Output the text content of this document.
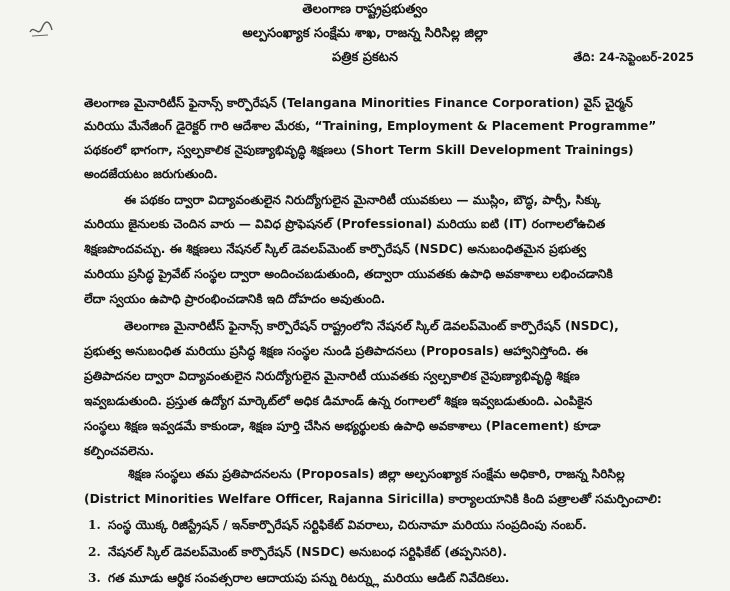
తెలంగాణ రాష్ట్రప్రభుత్వం
అల్పసంఖ్యాక సంక్షేమ శాఖ, రాజన్న సిరిసిల్ల జిల్లా
పత్రిక ప్రకటన	తేది: 24-సెప్టెంబర్-2025
తెలంగాణ మైనారిటీస్ ఫైనాన్స్ కార్పొరేషన్ (Telangana Minorities Finance Corporation) వైస్ చైర్మన్
మరియు మేనేజింగ్ డైరెక్టర్ గారి ఆదేశాల మేరకు, “Training, Employment & Placement Programme”
పథకంలో భాగంగా, స్వల్పకాలిక నైపుణ్యాభివృద్ధి శిక్షణలు (Short Term Skill Development Trainings)
అందజేయటం జరుగుతుంది.
ఈ పథకం ద్వారా విద్యావంతులైన నిరుద్యోగులైన మైనారిటీ యువకులు — ముస్లిం, బౌద్ధ, పార్సీ, సిక్కు
మరియు జైనులకు చెందిన వారు — వివిధ ప్రొఫెషనల్ (Professional) మరియు ఐటి (IT) రంగాలలోఉచిత
శిక్షణపొందవచ్చు. ఈ శిక్షణలు నేషనల్ స్కిల్ డెవలప్‌మెంట్ కార్పొరేషన్ (NSDC) అనుబంధితమైన ప్రభుత్వ
మరియు ప్రసిద్ధ ప్రైవేట్ సంస్థల ద్వారా అందించబడుతుంది, తద్వారా యువతకు ఉపాధి అవకాశాలు లభించడానికి
లేదా స్వయం ఉపాధి ప్రారంభించడానికి ఇది దోహదం అవుతుంది.
తెలంగాణ మైనారిటీస్ ఫైనాన్స్ కార్పొరేషన్ రాష్ట్రంలోని నేషనల్ స్కిల్ డెవలప్‌మెంట్ కార్పొరేషన్ (NSDC),
ప్రభుత్వ అనుబంధిత మరియు ప్రసిద్ధ శిక్షణ సంస్థల నుండి ప్రతిపాదనలు (Proposals) ఆహ్వానిస్తోంది. ఈ
ప్రతిపాదనల ద్వారా విద్యావంతులైన నిరుద్యోగులైన మైనారిటీ యువతకు స్వల్పకాలిక నైపుణ్యాభివృద్ధి శిక్షణ
ఇవ్వబడుతుంది. ప్రస్తుత ఉద్యోగ మార్కెట్‌లో అధిక డిమాండ్ ఉన్న రంగాలలో శిక్షణ ఇవ్వబడుతుంది. ఎంపికైన
సంస్థలు శిక్షణ ఇవ్వడమే కాకుండా, శిక్షణ పూర్తి చేసిన అభ్యర్థులకు ఉపాధి అవకాశాలు (Placement) కూడా
కల్పించవలెను.
శిక్షణ సంస్థలు తమ ప్రతిపాదనలను (Proposals) జిల్లా అల్పసంఖ్యాక సంక్షేమ అధికారి, రాజన్న సిరిసిల్ల
(District Minorities Welfare Officer, Rajanna Siricilla) కార్యాలయానికి కింది పత్రాలతో సమర్పించాలి:
1. సంస్థ యొక్క రిజిస్ట్రేషన్ / ఇన్‌కార్పొరేషన్ సర్టిఫికేట్ వివరాలు, చిరునామా మరియు సంప్రదింపు నంబర్.
2. నేషనల్ స్కిల్ డెవలప్‌మెంట్ కార్పొరేషన్ (NSDC) అనుబంధ సర్టిఫికేట్ (తప్పనిసరి).
3. గత మూడు ఆర్థిక సంవత్సరాల ఆదాయపు పన్ను రిటర్న్లు మరియు ఆడిట్ నివేదికలు.
